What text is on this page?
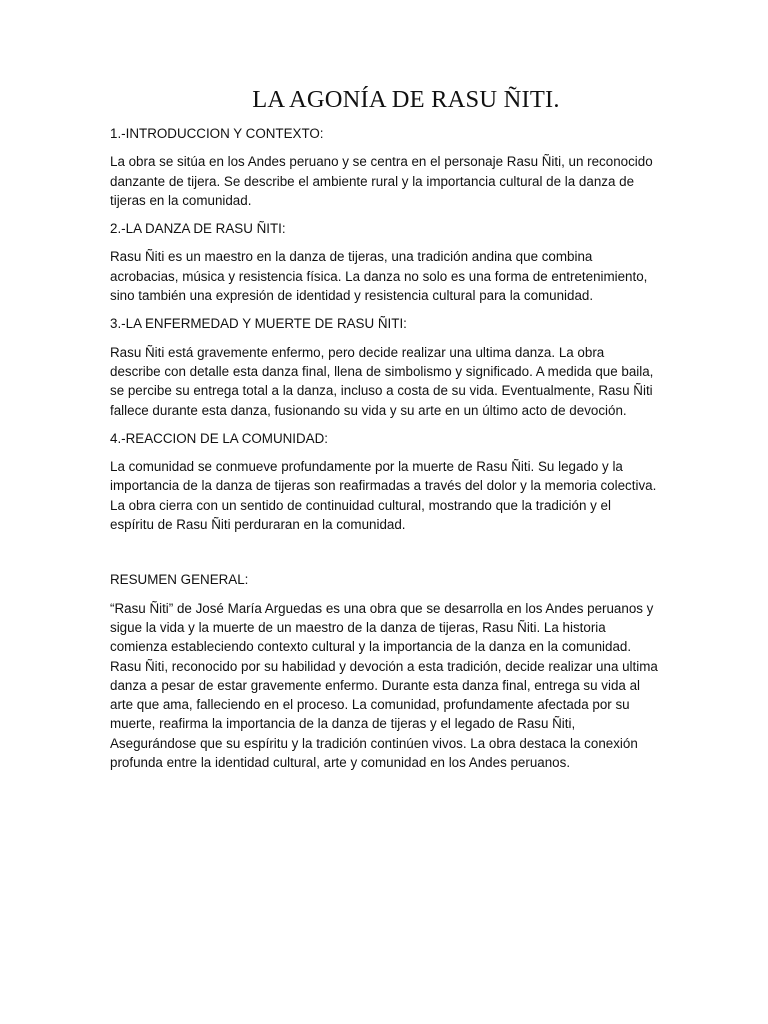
LA AGONÍA DE RASU ÑITI.

1.-INTRODUCCION Y CONTEXTO:

La obra se sitúa en los Andes peruano y se centra en el personaje Rasu Ñiti, un reconocido danzante de tijera. Se describe el ambiente rural y la importancia cultural de la danza de tijeras en la comunidad.

2.-LA DANZA DE RASU ÑITI:

Rasu Ñiti es un maestro en la danza de tijeras, una tradición andina que combina acrobacias, música y resistencia física. La danza no solo es una forma de entretenimiento, sino también una expresión de identidad y resistencia cultural para la comunidad.

3.-LA ENFERMEDAD Y MUERTE DE RASU ÑITI:

Rasu Ñiti está gravemente enfermo, pero decide realizar una ultima danza. La obra describe con detalle esta danza final, llena de simbolismo y significado. A medida que baila, se percibe su entrega total a la danza, incluso a costa de su vida. Eventualmente, Rasu Ñiti fallece durante esta danza, fusionando su vida y su arte en un último acto de devoción.

4.-REACCION DE LA COMUNIDAD:

La comunidad se conmueve profundamente por la muerte de Rasu Ñiti. Su legado y la importancia de la danza de tijeras son reafirmadas a través del dolor y la memoria colectiva. La obra cierra con un sentido de continuidad cultural, mostrando que la tradición y el espíritu de Rasu Ñiti perduraran en la comunidad.

RESUMEN GENERAL:

“Rasu Ñiti” de José María Arguedas es una obra que se desarrolla en los Andes peruanos y sigue la vida y la muerte de un maestro de la danza de tijeras, Rasu Ñiti. La historia comienza estableciendo contexto cultural y la importancia de la danza en la comunidad. Rasu Ñiti, reconocido por su habilidad y devoción a esta tradición, decide realizar una ultima danza a pesar de estar gravemente enfermo. Durante esta danza final, entrega su vida al arte que ama, falleciendo en el proceso. La comunidad, profundamente afectada por su muerte, reafirma la importancia de la danza de tijeras y el legado de Rasu Ñiti, Asegurándose que su espíritu y la tradición continúen vivos. La obra destaca la conexión profunda entre la identidad cultural, arte y comunidad en los Andes peruanos.
